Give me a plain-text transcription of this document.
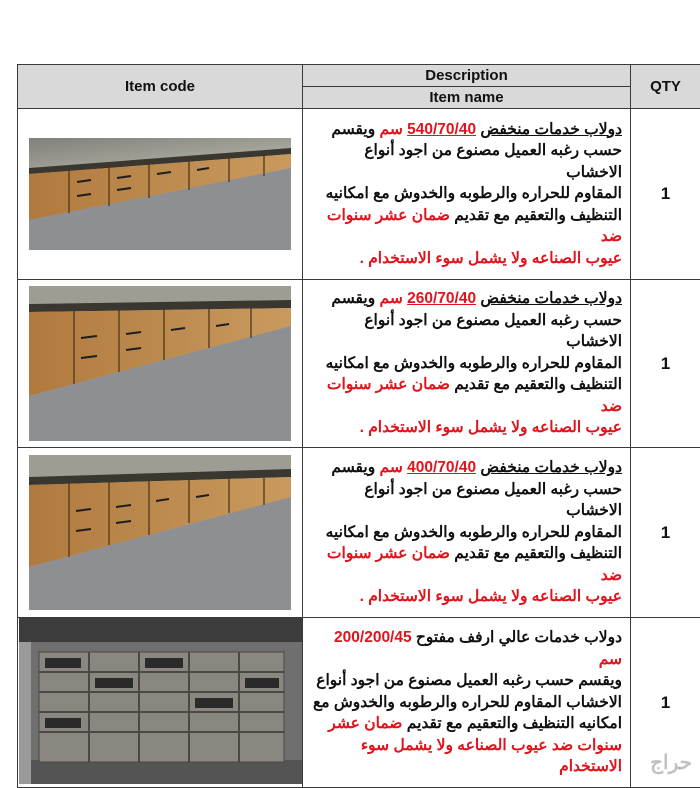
Item code	Description	QTY
	Item name	

دولاب خدمات منخفض 540/70/40 سم ويقسم
حسب رغبه العميل مصنوع من اجود أنواع الاخشاب
المقاوم للحراره والرطوبه والخدوش مع امكانيه
التنظيف والتعقيم مع تقديم ضمان عشر سنوات ضد
عيوب الصناعه ولا يشمل سوء الاستخدام .	1

دولاب خدمات منخفض 260/70/40 سم ويقسم
حسب رغبه العميل مصنوع من اجود أنواع الاخشاب
المقاوم للحراره والرطوبه والخدوش مع امكانيه
التنظيف والتعقيم مع تقديم ضمان عشر سنوات ضد
عيوب الصناعه ولا يشمل سوء الاستخدام .	1

دولاب خدمات منخفض 400/70/40 سم ويقسم
حسب رغبه العميل مصنوع من اجود أنواع الاخشاب
المقاوم للحراره والرطوبه والخدوش مع امكانيه
التنظيف والتعقيم مع تقديم ضمان عشر سنوات ضد
عيوب الصناعه ولا يشمل سوء الاستخدام .	1

دولاب خدمات عالي ارفف مفتوح 200/200/45 سم
ويقسم حسب رغبه العميل مصنوع من اجود أنواع
الاخشاب المقاوم للحراره والرطوبه والخدوش مع
امكانيه التنظيف والتعقيم مع تقديم ضمان عشر
سنوات ضد عيوب الصناعه ولا يشمل سوء الاستخدام	1
حراج
